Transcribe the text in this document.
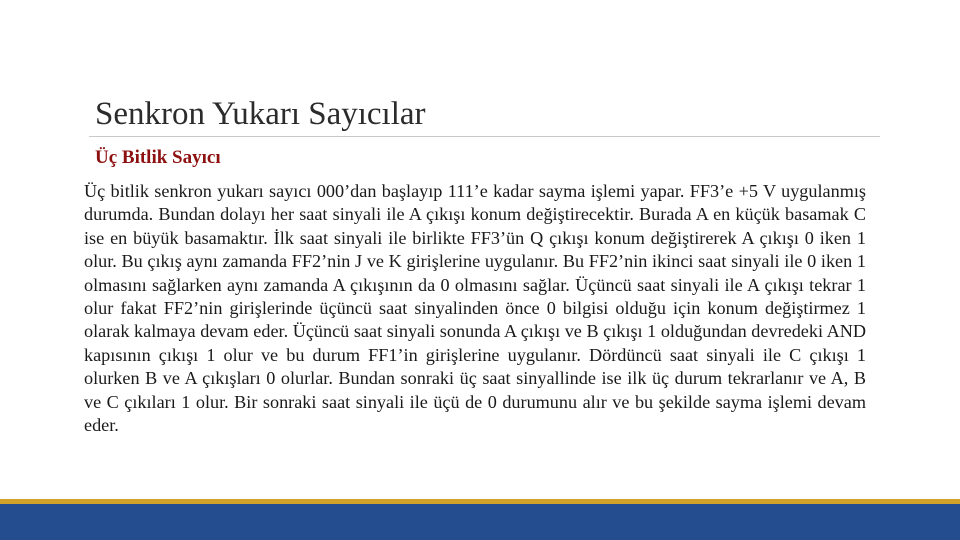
Senkron Yukarı Sayıcılar
Üç Bitlik Sayıcı

Üç bitlik senkron yukarı sayıcı 000’dan başlayıp 111’e kadar sayma işlemi yapar. FF3’e +5 V uygulanmış durumda. Bundan dolayı her saat sinyali ile A çıkışı konum değiştirecektir. Burada A en küçük basamak C ise en büyük basamaktır. İlk saat sinyali ile birlikte FF3’ün Q çıkışı konum değiştirerek A çıkışı 0 iken 1 olur. Bu çıkış aynı zamanda FF2’nin J ve K girişlerine uygulanır. Bu FF2’nin ikinci saat sinyali ile 0 iken 1 olmasını sağlarken aynı zamanda A çıkışının da 0 olmasını sağlar. Üçüncü saat sinyali ile A çıkışı tekrar 1 olur fakat FF2’nin girişlerinde üçüncü saat sinyalinden önce 0 bilgisi olduğu için konum değiştirmez 1 olarak kalmaya devam eder. Üçüncü saat sinyali sonunda A çıkışı ve B çıkışı 1 olduğundan devredeki AND kapısının çıkışı 1 olur ve bu durum FF1’in girişlerine uygulanır. Dördüncü saat sinyali ile C çıkışı 1 olurken B ve A çıkışları 0 olurlar. Bundan sonraki üç saat sinyallinde ise ilk üç durum tekrarlanır ve A, B ve C çıkıları 1 olur. Bir sonraki saat sinyali ile üçü de 0 durumunu alır ve bu şekilde sayma işlemi devam eder.
